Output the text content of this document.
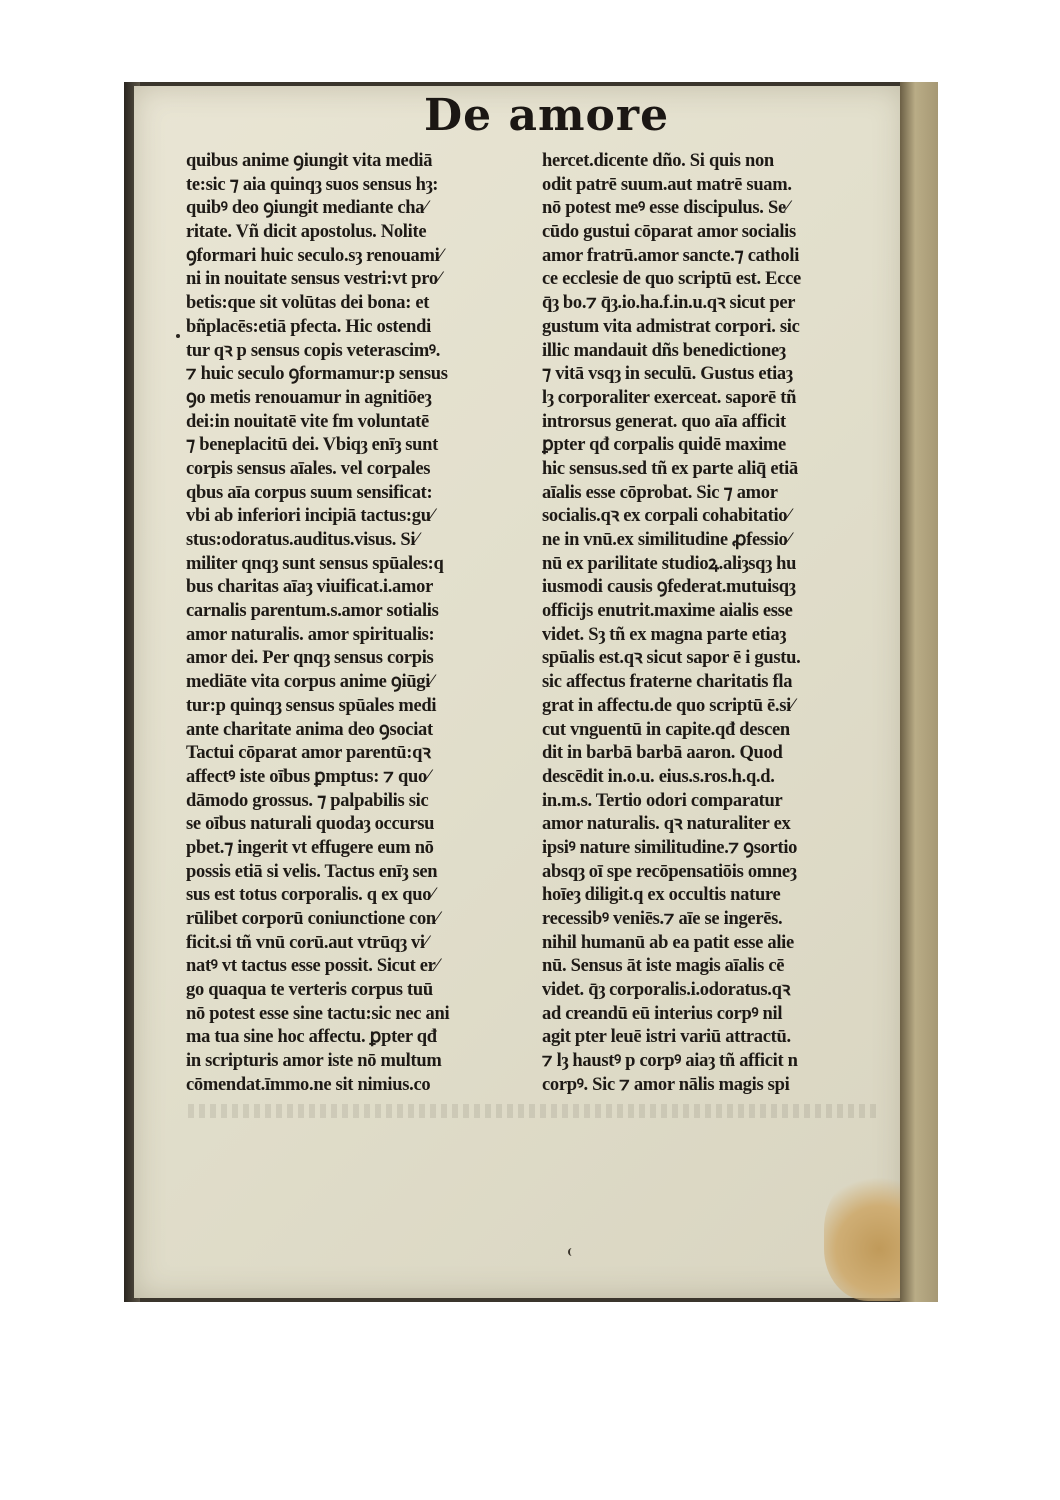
De amore
quibus anime ꝯiungit vita mediā
te:sic ⁊ aia quinqȝ suos sensus hȝ:
quibꝰ deo ꝯiungit mediante cha⁄
ritate. Vñ dicit apostolus. Nolite
ꝯformari huic seculo.sȝ renouami⁄
ni in nouitate sensus vestri:vt pro⁄
betis:que sit volūtas dei bona: et
bñplacēs:etiā pfecta. Hic ostendi
tur qꝛ p sensus copis veterascimꝰ.
⁊ huic seculo ꝯformamur:p sensus
ꝯo metis renouamur in agnitiōeȝ
dei:in nouitatē vite fm voluntatē
⁊ beneplacitū dei. Vbiqȝ enīȝ sunt
corpis sensus aīales. vel corpales
qbus aīa corpus suum sensificat:
vbi ab inferiori incipiā tactus:gu⁄
stus:odoratus.auditus.visus. Si⁄
militer qnqȝ sunt sensus spūales:q
bus charitas aīaȝ viuificat.i.amor
carnalis parentum.s.amor sotialis
amor naturalis. amor spiritualis:
amor dei. Per qnqȝ sensus corpis
mediāte vita corpus anime ꝯiūgi⁄
tur:p quinqȝ sensus spūales medi
ante charitate anima deo ꝯsociat
Tactui cōparat amor parentū:qꝛ
affectꝰ iste oībus ꝑmptus: ⁊ quo⁄
dāmodo grossus. ⁊ palpabilis sic
se oībus naturali quodaȝ occursu
pbet.⁊ ingerit vt effugere eum nō
possis etiā si velis. Tactus enīȝ sen
sus est totus corporalis. q ex quo⁄
rūlibet corporū coniunctione con⁄
ficit.si tñ vnū corū.aut vtrūqȝ vi⁄
natꝰ vt tactus esse possit. Sicut er⁄
go quaqua te verteris corpus tuū
nō potest esse sine tactu:sic nec ani
ma tua sine hoc affectu. ꝑpter qđ
in scripturis amor iste nō multum
cōmendat.īmmo.ne sit nimius.co
hercet.dicente dño. Si quis non
odit patrē suum.aut matrē suam.
nō potest meꝰ esse discipulus. Se⁄
cūdo gustui cōparat amor socialis
amor fratrū.amor sancte.⁊ catholi
ce ecclesie de quo scriptū est. Ecce
q̄ȝ bo.⁊ q̄ȝ.io.ha.f.in.u.qꝛ sicut per
gustum vita admistrat corpori. sic
illic mandauit dñs benedictioneȝ
⁊ vitā vsqȝ in seculū. Gustus etiaȝ
lȝ corporaliter exerceat. saporē tñ
introrsus generat. quo aīa afficit
ꝑpter qđ corpalis quidē maxime
hic sensus.sed tñ ex parte aliq̄ etiā
aīalis esse cōprobat. Sic ⁊ amor
socialis.qꝛ ex corpali cohabitatio⁄
ne in vnū.ex similitudine ꝓfessio⁄
nū ex parilitate studioꝝ.aliȝsqȝ hu
iusmodi causis ꝯfederat.mutuisqȝ
officijs enutrit.maxime aialis esse
videt. Sȝ tñ ex magna parte etiaȝ
spūalis est.qꝛ sicut sapor ē i gustu.
sic affectus fraterne charitatis fla
grat in affectu.de quo scriptū ē.si⁄
cut vnguentū in capite.qđ descen
dit in barbā barbā aaron. Quod
descēdit in.o.u. eius.s.ros.h.q.d.
in.m.s. Tertio odori comparatur
amor naturalis. qꝛ naturaliter ex
ipsiꝰ nature similitudine.⁊ ꝯsortio
absqȝ oī spe recōpensatiōis omneȝ
hoīeȝ diligit.q ex occultis nature
recessibꝰ veniēs.⁊ aīe se ingerēs.
nihil humanū ab ea patit esse alie
nū. Sensus āt iste magis aīalis cē
videt. q̄ȝ corporalis.i.odoratus.qꝛ
ad creandū eū interius corpꝰ nil
agit pter leuē istri variū attractū.
⁊ lȝ haustꝰ p corpꝰ aiaȝ tñ afficit n
corpꝰ. Sic ⁊ amor nālis magis spi
